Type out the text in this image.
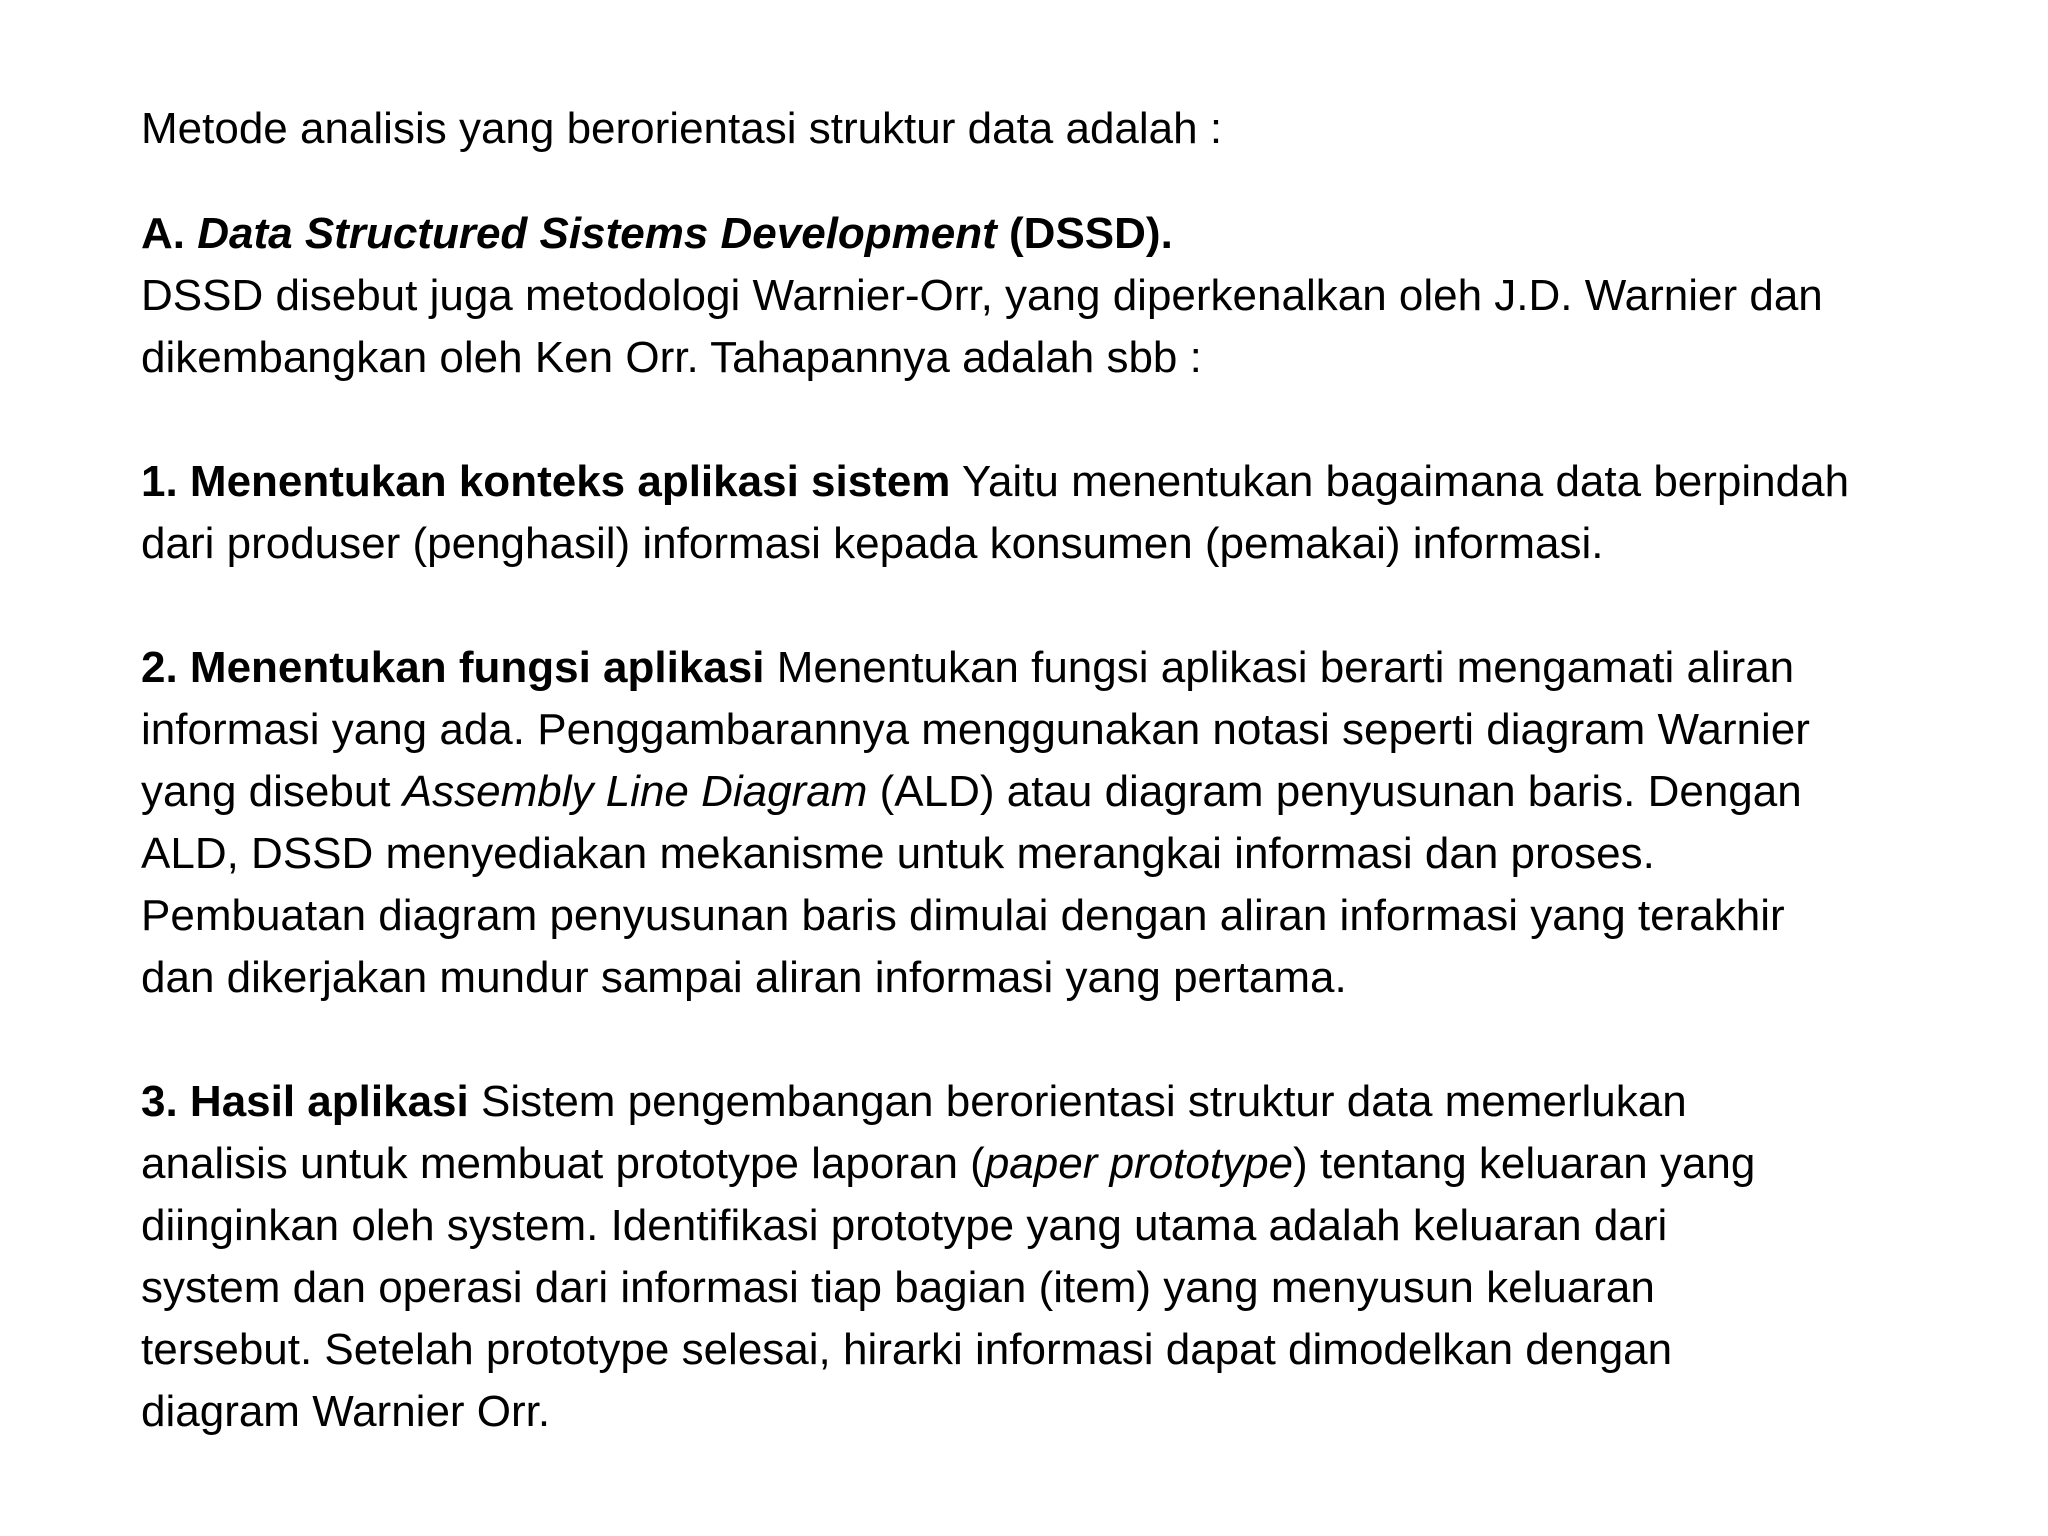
Metode analisis yang berorientasi struktur data adalah :

A. Data Structured Sistems Development (DSSD).
DSSD disebut juga metodologi Warnier-Orr, yang diperkenalkan oleh J.D. Warnier dan
dikembangkan oleh Ken Orr. Tahapannya adalah sbb :
1. Menentukan konteks aplikasi sistem Yaitu menentukan bagaimana data berpindah
dari produser (penghasil) informasi kepada konsumen (pemakai) informasi.
2. Menentukan fungsi aplikasi Menentukan fungsi aplikasi berarti mengamati aliran
informasi yang ada. Penggambarannya menggunakan notasi seperti diagram Warnier
yang disebut Assembly Line Diagram (ALD) atau diagram penyusunan baris. Dengan
ALD, DSSD menyediakan mekanisme untuk merangkai informasi dan proses.
Pembuatan diagram penyusunan baris dimulai dengan aliran informasi yang terakhir
dan dikerjakan mundur sampai aliran informasi yang pertama.
3. Hasil aplikasi Sistem pengembangan berorientasi struktur data memerlukan
analisis untuk membuat prototype laporan (paper prototype) tentang keluaran yang
diinginkan oleh system. Identifikasi prototype yang utama adalah keluaran dari
system dan operasi dari informasi tiap bagian (item) yang menyusun keluaran
tersebut. Setelah prototype selesai, hirarki informasi dapat dimodelkan dengan
diagram Warnier Orr.
